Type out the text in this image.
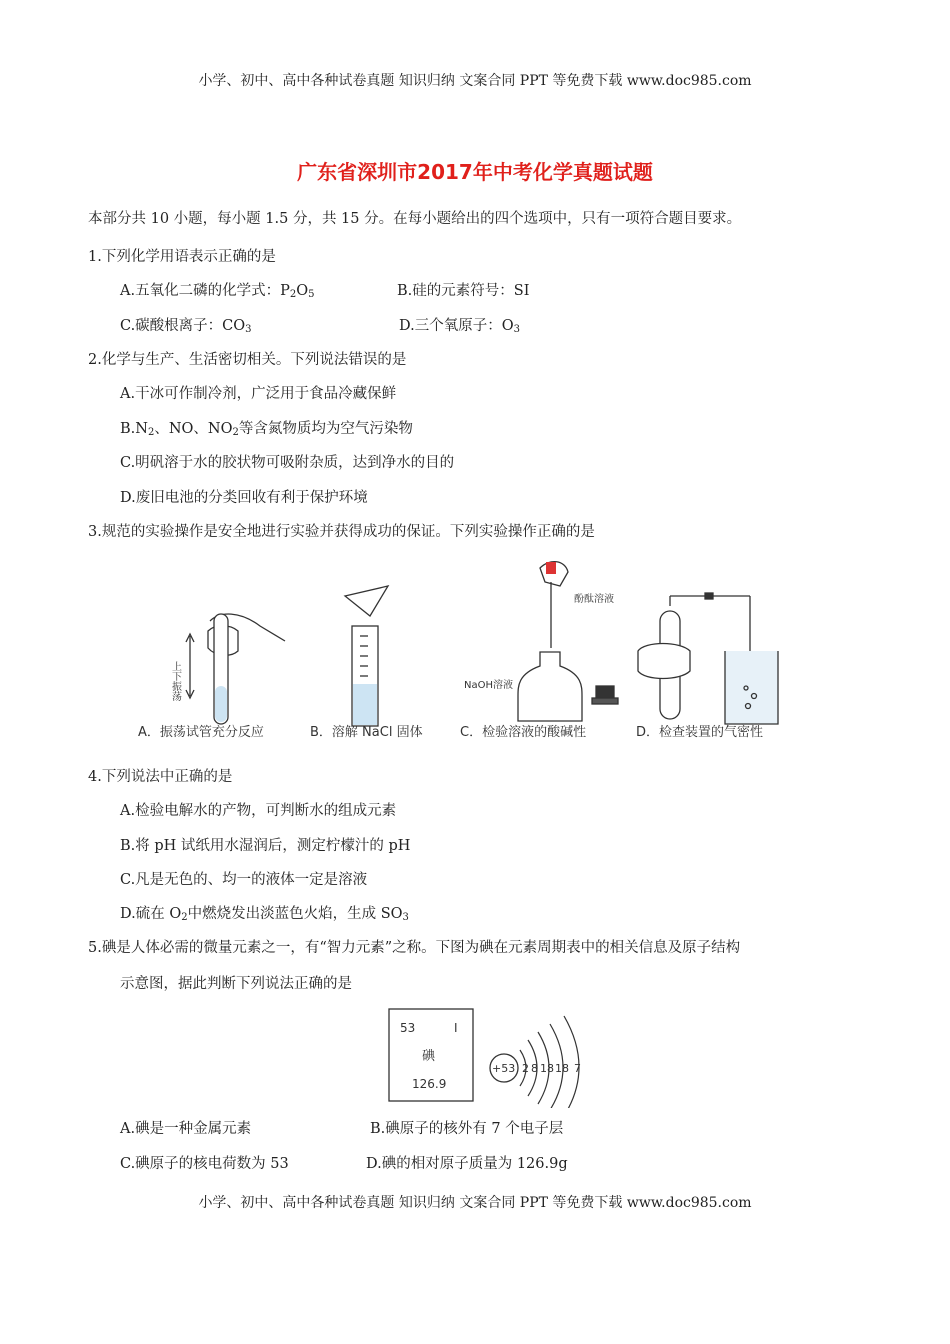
小学、初中、高中各种试卷真题 知识归纳 文案合同 PPT 等免费下载 www.doc985.com
广东省深圳市2017年中考化学真题试题
本部分共 10 小题，每小题 1.5 分，共 15 分。在每小题给出的四个选项中，只有一项符合题目要求。
1.下列化学用语表示正确的是
A.五氧化二磷的化学式：$P_2O_5$	B.硅的元素符号：SI
C.碳酸根离子：$CO_3$	D.三个氧原子：$O_3$
2.化学与生产、生活密切相关。下列说法错误的是
A.干冰可作制冷剂，广泛用于食品冷藏保鲜
$B.N_2$、NO、$NO_2$等含氮物质均为空气污染物
C.明矾溶于水的胶状物可吸附杂质，达到净水的目的
D.废旧电池的分类回收有利于保护环境
3.规范的实验操作是安全地进行实验并获得成功的保证。下列实验操作正确的是
上下振荡
A．振荡试管充分反应	B．溶解 NaCl 固体
酚酞溶液
NaOH溶液
C．检验溶液的酸碱性	D．检查装置的气密性
4.下列说法中正确的是
A.检验电解水的产物，可判断水的组成元素
B.将 pH 试纸用水湿润后，测定柠檬汁的 pH
C.凡是无色的、均一的液体一定是溶液
D.硫在 $O_2$中燃烧发出淡蓝色火焰，生成 $SO_3$
5.碘是人体必需的微量元素之一，有“智力元素”之称。下图为碘在元素周期表中的相关信息及原子结构
示意图，据此判断下列说法正确的是
53	I
碘
126.9
+53 2 8 18 18 7
A.碘是一种金属元素	B.碘原子的核外有 7 个电子层
C.碘原子的核电荷数为 53	D.碘的相对原子质量为 126.9g
小学、初中、高中各种试卷真题 知识归纳 文案合同 PPT 等免费下载 www.doc985.com
